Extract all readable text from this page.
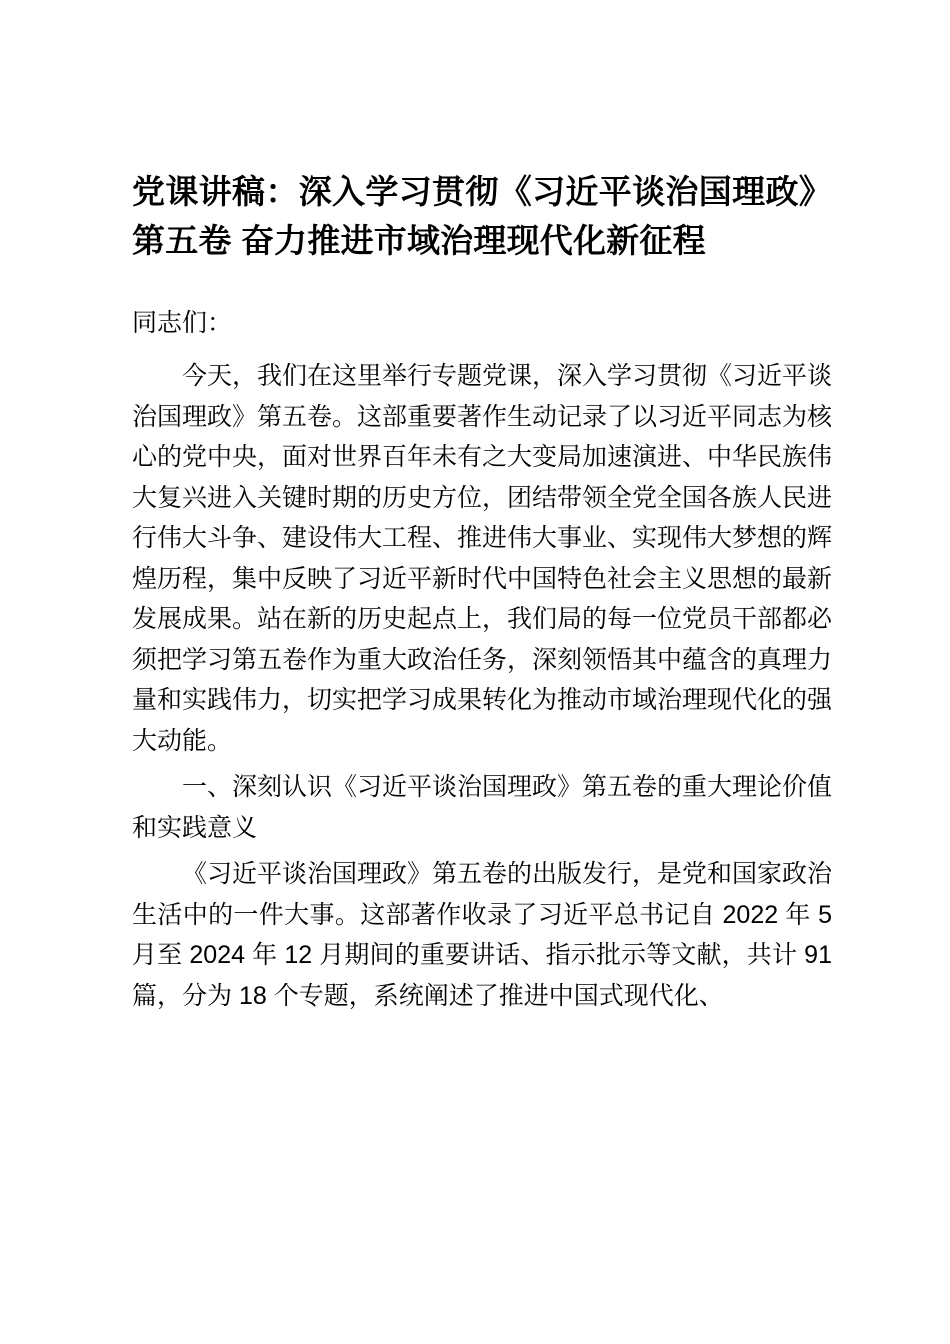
党课讲稿：深入学习贯彻《习近平谈治国理政》第五卷 奋力推进市域治理现代化新征程

同志们：

今天，我们在这里举行专题党课，深入学习贯彻《习近平谈治国理政》第五卷。这部重要著作生动记录了以习近平同志为核心的党中央，面对世界百年未有之大变局加速演进、中华民族伟大复兴进入关键时期的历史方位，团结带领全党全国各族人民进行伟大斗争、建设伟大工程、推进伟大事业、实现伟大梦想的辉煌历程，集中反映了习近平新时代中国特色社会主义思想的最新发展成果。站在新的历史起点上，我们局的每一位党员干部都必须把学习第五卷作为重大政治任务，深刻领悟其中蕴含的真理力量和实践伟力，切实把学习成果转化为推动市域治理现代化的强大动能。

一、深刻认识《习近平谈治国理政》第五卷的重大理论价值和实践意义

《习近平谈治国理政》第五卷的出版发行，是党和国家政治生活中的一件大事。这部著作收录了习近平总书记自 2022 年 5 月至 2024 年 12 月期间的重要讲话、指示批示等文献，共计 91 篇，分为 18 个专题，系统阐述了推进中国式现代化、
